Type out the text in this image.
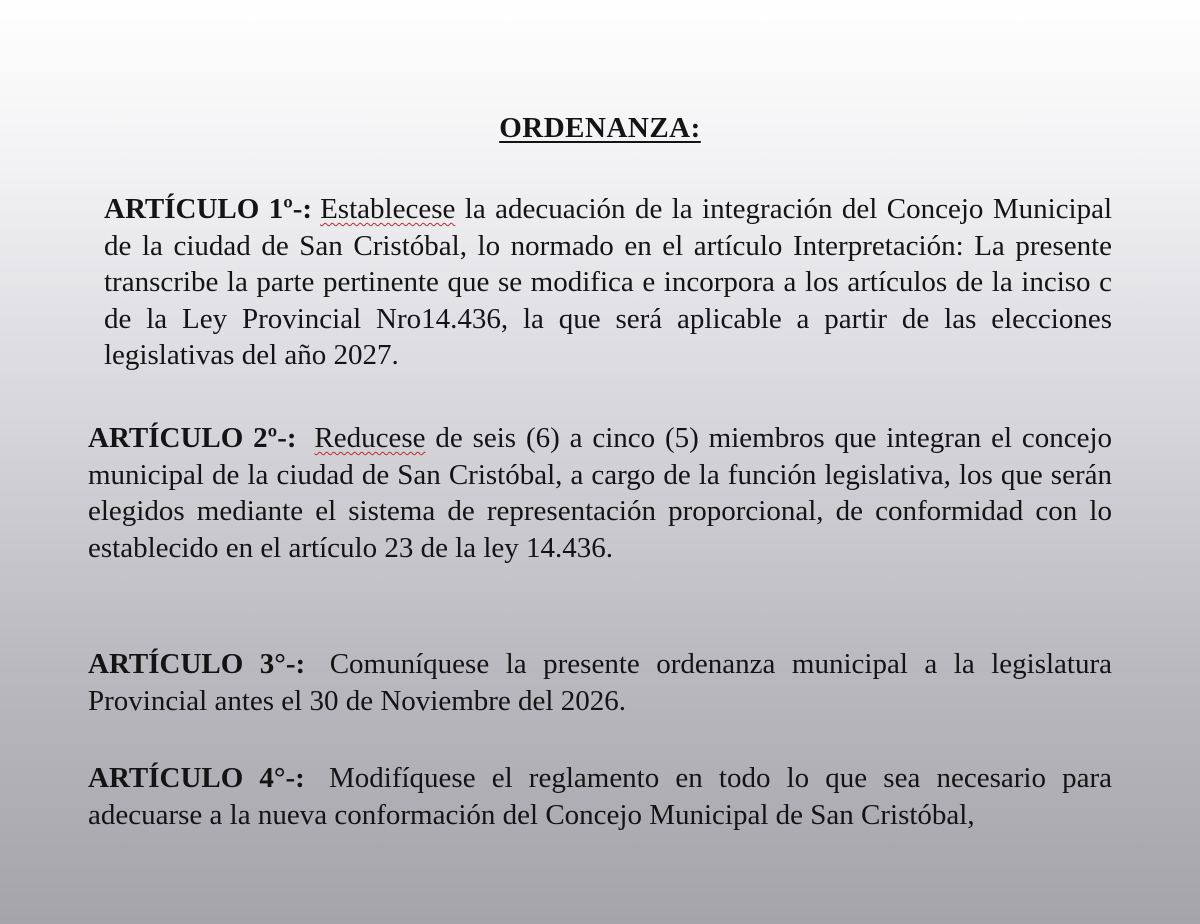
ORDENANZA:

ARTÍCULO 1º-: Establecese la adecuación de la integración del Concejo Municipal de la ciudad de San Cristóbal, lo normado en el artículo Interpretación: La presente transcribe la parte pertinente que se modifica e incorpora a los artículos de la inciso c de la Ley Provincial Nro14.436, la que será aplicable a partir de las elecciones legislativas del año 2027.

ARTÍCULO 2º-: Reducese de seis (6) a cinco (5) miembros que integran el concejo municipal de la ciudad de San Cristóbal, a cargo de la función legislativa, los que serán elegidos mediante el sistema de representación proporcional, de conformidad con lo establecido en el artículo 23 de la ley 14.436.

ARTÍCULO 3°-: Comuníquese la presente ordenanza municipal a la legislatura Provincial antes el 30 de Noviembre del 2026.

ARTÍCULO 4°-: Modifíquese el reglamento en todo lo que sea necesario para adecuarse a la nueva conformación del Concejo Municipal de San Cristóbal,
